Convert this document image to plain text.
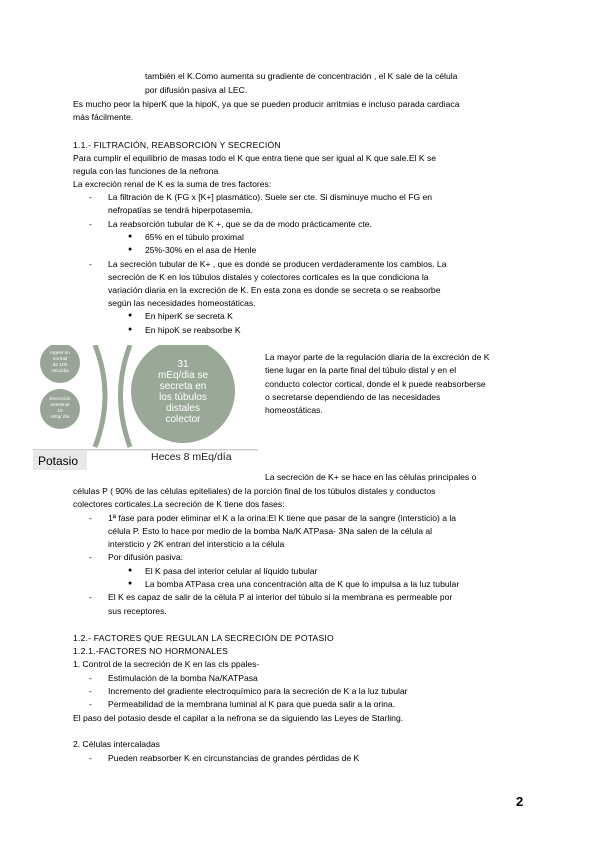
también el K.Como aumenta su gradiente de concentración , el K sale de la célula
por difusión pasiva al LEC.
Es mucho peor la hiperK que la hipoK, ya que se pueden producir arritmias e incluso parada cardiaca
más fácilmente.
1.1.- FILTRACIÓN, REABSORCIÓN Y SECRECIÓN
Para cumplir el equilibrio de masas todo el K que entra tiene que ser igual al K que sale.El K se
regula con las funciones de la nefrona
La excreción renal de K es la suma de tres factores:
- La filtración de K (FG x [K+] plasmático). Suele ser cte. Si disminuye mucho el FG en
nefropatías se tendrá hiperpotasemia.
- La reabsorción tubular de K +, que se da de modo prácticamente cte.
● 65% en el túbulo proximal
● 25%-30% en el asa de Henle
- La secreción tubular de K+ , que es donde se producen verdaderamente los cambios. La
secreción de K en los túbulos distales y colectores corticales es la que condiciona la
variación diaria en la excreción de K. En esta zona es donde se secreta o se reabsorbe
según las necesidades homeostáticas.
● En hiperK se secreta K
● En hipoK se reabsorbe K
Ingest ón
normal
de 100
mEq/dia
Excreción
intestinal
10
mEq/ día
31
mEq/dia se
secreta en
los túbulos
distales
colector
Potasio	Heces 8 mEq/día
La mayor parte de la regulación diaria de la excreción de K
tiene lugar en la parte final del túbulo distal y en el
conducto colector cortical, donde el k puede reabsorberse
o secretarse dependiendo de las necesidades
homeostáticas.
La secreción de K+ se hace en las células principales o
células P ( 90% de las células epiteliales) de la porción final de los túbulos distales y conductos
colectores corticales.La secreción de K tiene dos fases:
- 1ª fase para poder eliminar el K a la orina:El K tiene que pasar de la sangre (intersticio) a la
célula P. Esto lo hace por medio de la bomba Na/K ATPasa- 3Na salen de la célula al
intersticio y 2K entran del intersticio a la célula
- Por difusión pasiva:
● El K pasa del interior celular al líquido tubular
● La bomba ATPasa crea una concentración alta de K que lo impulsa a la luz tubular
- El K es capaz de salir de la célula P al interior del túbulo si la membrana es permeable por
sus receptores.
1.2.- FACTORES QUE REGULAN LA SECRECIÓN DE POTASIO
1.2.1.-FACTORES NO HORMONALES
1. Control de la secreción de K en las cls ppales-
- Estimulación de la bomba Na/KATPasa
- Incremento del gradiente electroquímico para la secreción de K a la luz tubular
- Permeabilidad de la membrana luminal al K para que pueda salir a la orina.
El paso del potasio desde el capilar a la nefrona se da siguiendo las Leyes de Starling.
2. Células intercaladas
- Pueden reabsorber K en circunstancias de grandes pérdidas de K
2
